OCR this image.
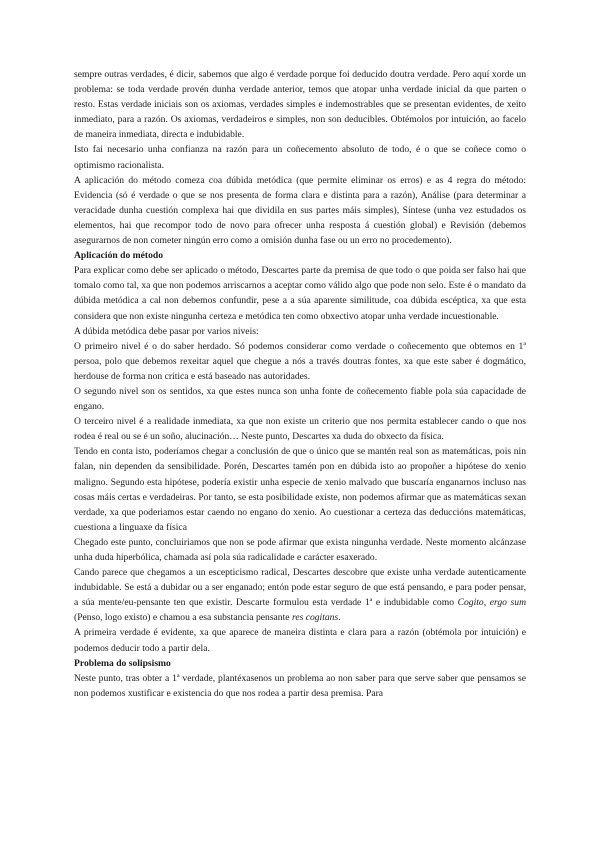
sempre outras verdades, é dicir, sabemos que algo é verdade porque foi deducido doutra verdade. Pero aquí xorde un problema: se toda verdade provén dunha verdade anterior, temos que atopar unha verdade inicial da que parten o resto. Estas verdade iniciais son os axiomas, verdades simples e indemostrables que se presentan evidentes, de xeito inmediato, para a razón. Os axiomas, verdadeiros e simples, non son deducibles. Obtémolos por intuición, ao facelo de maneira inmediata, directa e indubidable.

Isto fai necesario unha confianza na razón para un coñecemento absoluto de todo, é o que se coñece como o optimismo racionalista.

A aplicación do método comeza coa dúbida metódica (que permite eliminar os erros) e as 4 regra do método: Evidencia (só é verdade o que se nos presenta de forma clara e distinta para a razón), Análise (para determinar a veracidade dunha cuestión complexa hai que dividila en sus partes máis simples), Síntese (unha vez estudados os elementos, hai que recompor todo de novo para ofrecer unha resposta á cuestión global) e Revisión (debemos asegurarnos de non cometer ningún erro como a omisión dunha fase ou un erro no procedemento).

Aplicación do método

Para explicar como debe ser aplicado o método, Descartes parte da premisa de que todo o que poida ser falso hai que tomalo como tal, xa que non podemos arriscarnos a aceptar como válido algo que pode non selo. Este é o mandato da dúbida metódica a cal non debemos confundir, pese a a súa aparente similitude, coa dúbida escéptica, xa que esta considera que non existe ningunha certeza e metódica ten como obxectivo atopar unha verdade incuestionable.

A dúbida metódica debe pasar por varios niveis:

O primeiro nivel é o do saber herdado. Só podemos considerar como verdade o coñecemento que obtemos en 1ª persoa, polo que debemos rexeitar aquel que chegue a nós a través doutras fontes, xa que este saber é dogmático, herdouse de forma non crítica e está baseado nas autoridades.

O segundo nivel son os sentidos, xa que estes nunca son unha fonte de coñecemento fiable pola súa capacidade de engano.

O terceiro nivel é a realidade inmediata, xa que non existe un criterio que nos permita establecer cando o que nos rodea é real ou se é un soño, alucinación… Neste punto, Descartes xa duda do obxecto da física.

Tendo en conta isto, poderíamos chegar a conclusión de que o único que se mantén real son as matemáticas, pois nin falan, nin dependen da sensibilidade. Porén, Descartes tamén pon en dúbida isto ao propoñer a hipótese do xenio maligno. Segundo esta hipótese, podería existir unha especie de xenio malvado que buscaría enganarnos incluso nas cosas máis certas e verdadeiras. Por tanto, se esta posibilidade existe, non podemos afirmar que as matemáticas sexan verdade, xa que poderiamos estar caendo no engano do xenio. Ao cuestionar a certeza das deduccións matemáticas, cuestiona a linguaxe da física

Chegado este punto, concluiriamos que non se pode afirmar que exista ningunha verdade. Neste momento alcánzase unha duda hiperbólica, chamada así pola súa radicalidade e carácter esaxerado.

Cando parece que chegamos a un escepticismo radical, Descartes descobre que existe unha verdade autenticamente indubidable. Se está a dubidar ou a ser enganado; entón pode estar seguro de que está pensando, e para poder pensar, a súa mente/eu-pensante ten que existir. Descarte formulou esta verdade 1ª e indubidable como Cogito, ergo sum (Penso, logo existo) e chamou a esa substancia pensante res cogitans.

A primeira verdade é evidente, xa que aparece de maneira distinta e clara para a razón (obtémola por intuición) e podemos deducir todo a partir dela.

Problema do solipsismo

Neste punto, tras obter a 1ª verdade, plantéxasenos un problema ao non saber para que serve saber que pensamos se non podemos xustificar e existencia do que nos rodea a partir desa premisa. Para
